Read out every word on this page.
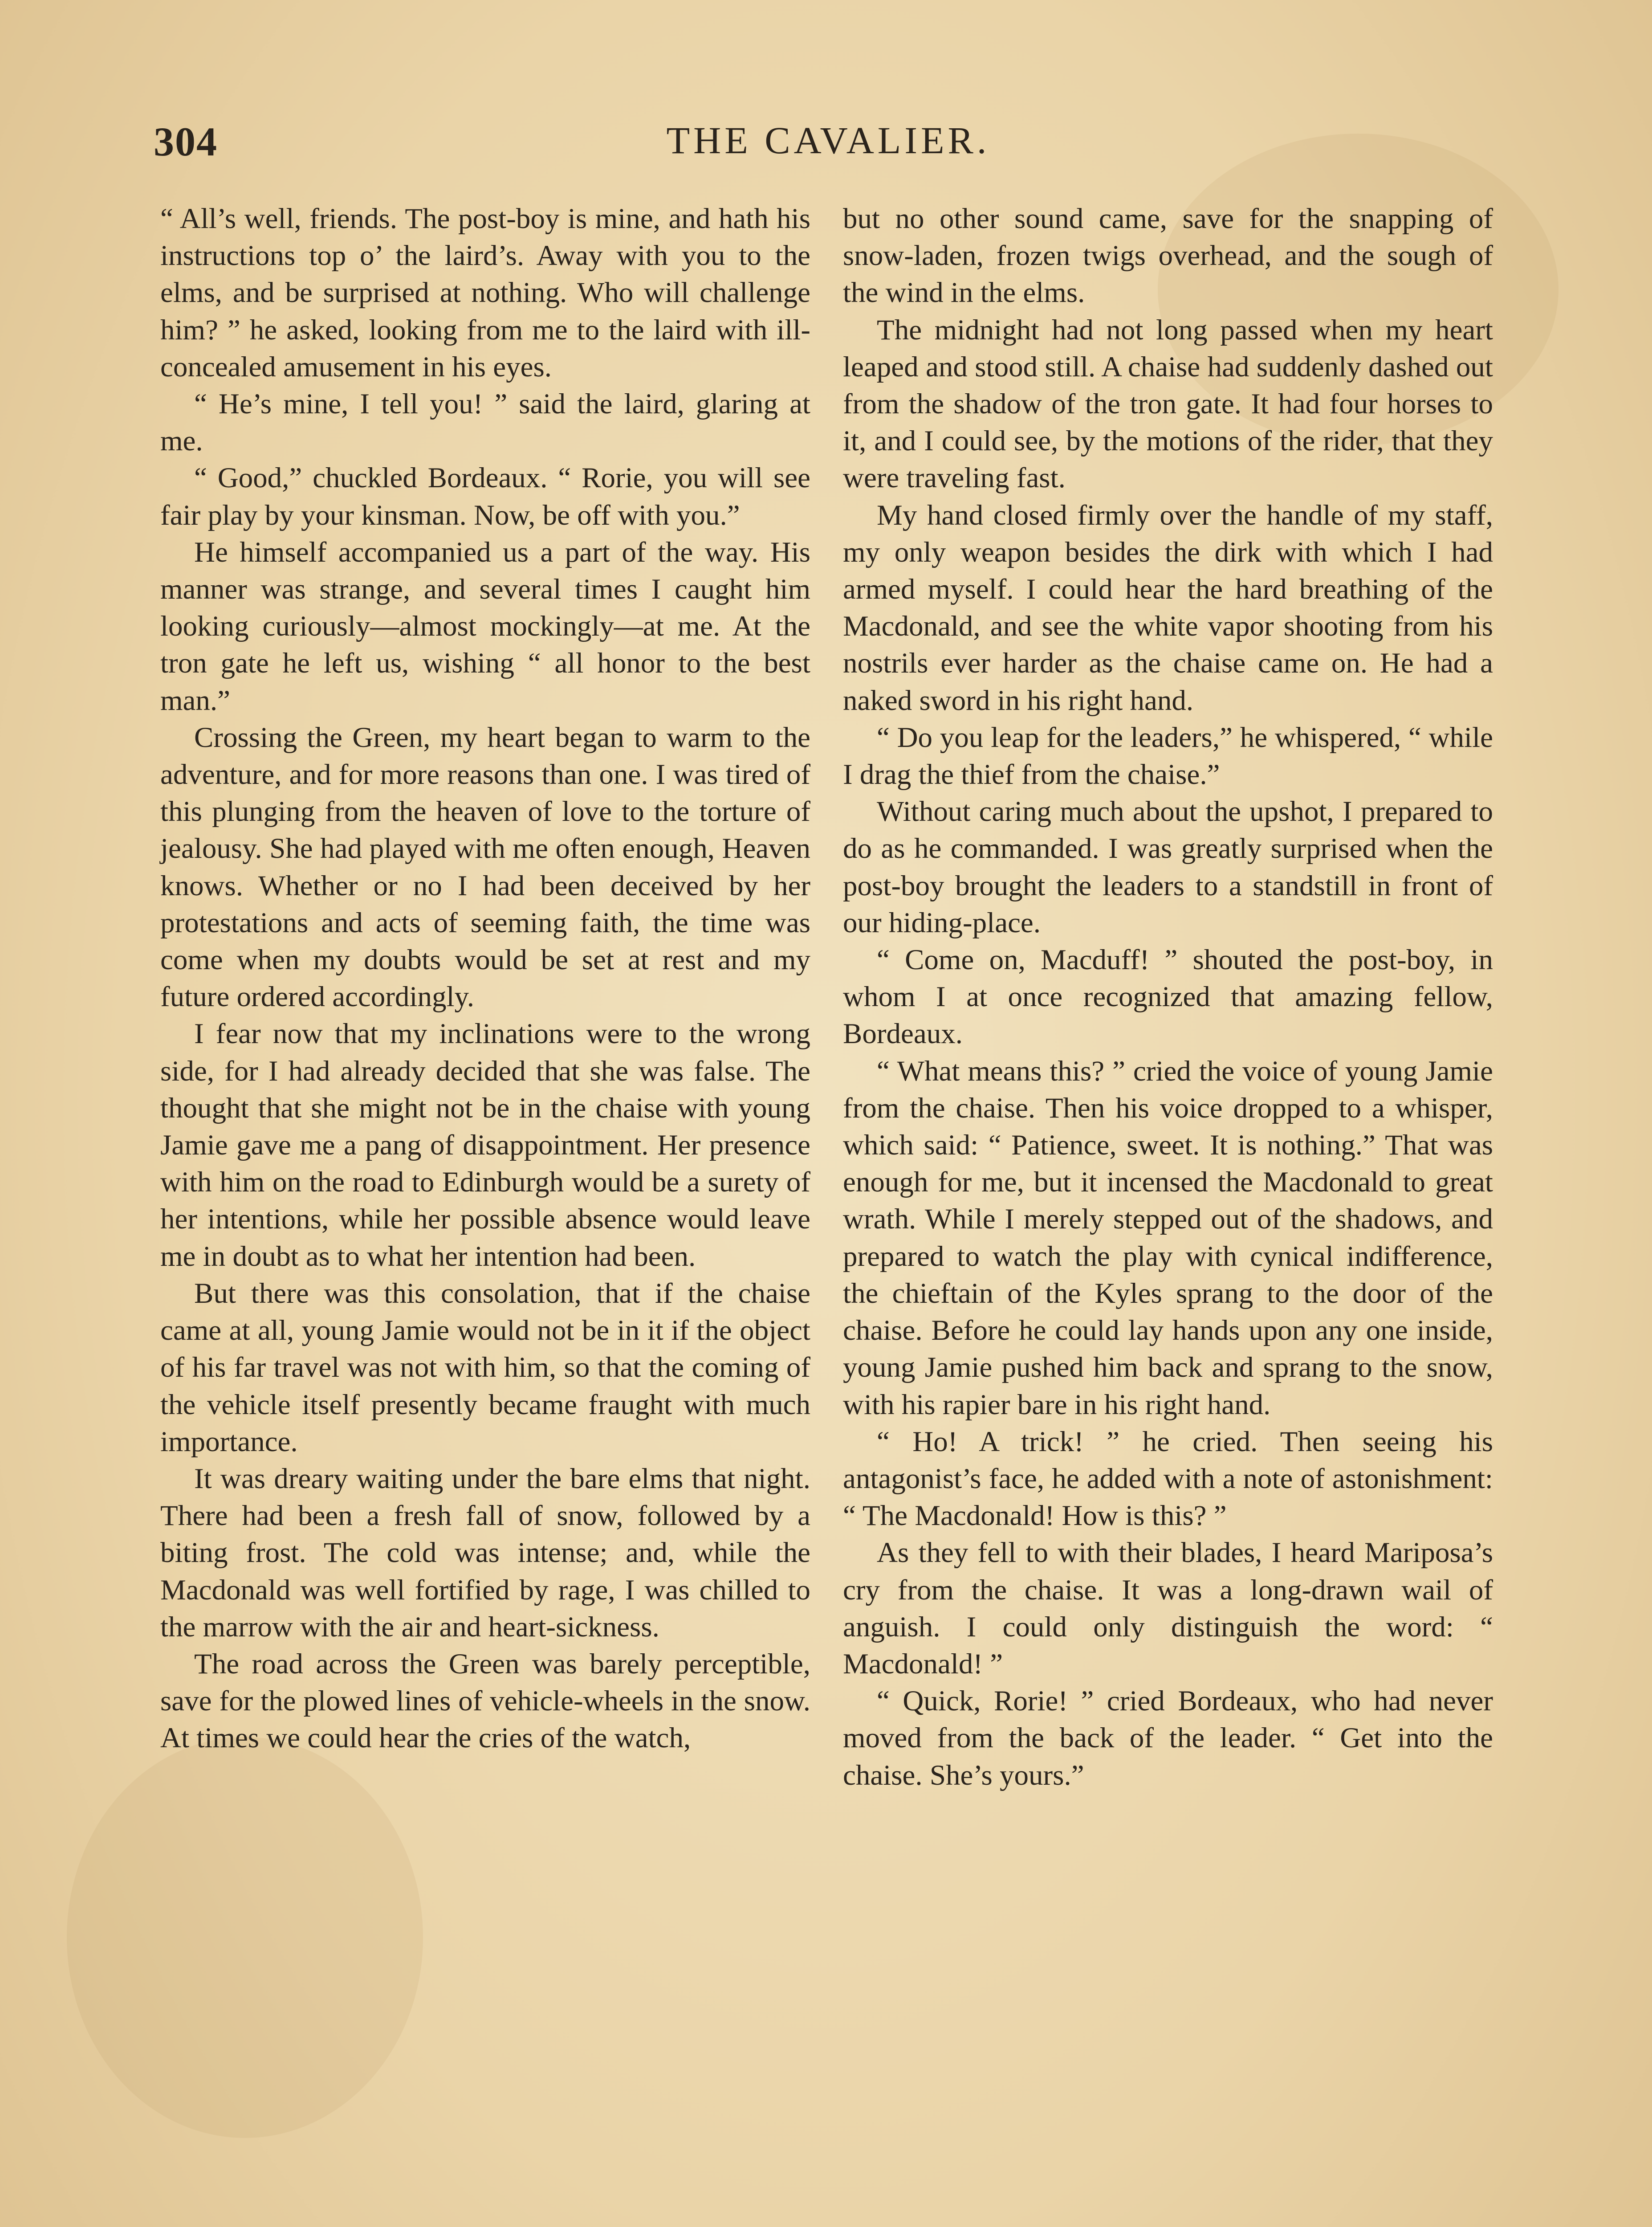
304	THE CAVALIER.

“ All’s well, friends. The post-boy is mine, and hath his instructions top o’ the laird’s. Away with you to the elms, and be surprised at nothing. Who will challenge him? ” he asked, looking from me to the laird with ill-concealed amusement in his eyes.

“ He’s mine, I tell you! ” said the laird, glaring at me.

“ Good,” chuckled Bordeaux. “ Rorie, you will see fair play by your kinsman. Now, be off with you.”

He himself accompanied us a part of the way. His manner was strange, and several times I caught him looking curiously—almost mockingly—at me. At the tron gate he left us, wishing “ all honor to the best man.”

Crossing the Green, my heart began to warm to the adventure, and for more reasons than one. I was tired of this plunging from the heaven of love to the torture of jealousy. She had played with me often enough, Heaven knows. Whether or no I had been deceived by her protestations and acts of seeming faith, the time was come when my doubts would be set at rest and my future ordered accordingly.

I fear now that my inclinations were to the wrong side, for I had already decided that she was false. The thought that she might not be in the chaise with young Jamie gave me a pang of disappointment. Her presence with him on the road to Edinburgh would be a surety of her intentions, while her possible absence would leave me in doubt as to what her intention had been.

But there was this consolation, that if the chaise came at all, young Jamie would not be in it if the object of his far travel was not with him, so that the coming of the vehicle itself presently became fraught with much importance.

It was dreary waiting under the bare elms that night. There had been a fresh fall of snow, followed by a biting frost. The cold was intense; and, while the Macdonald was well fortified by rage, I was chilled to the marrow with the air and heart-sickness.

The road across the Green was barely perceptible, save for the plowed lines of vehicle-wheels in the snow. At times we could hear the cries of the watch,

but no other sound came, save for the snapping of snow-laden, frozen twigs overhead, and the sough of the wind in the elms.

The midnight had not long passed when my heart leaped and stood still. A chaise had suddenly dashed out from the shadow of the tron gate. It had four horses to it, and I could see, by the motions of the rider, that they were traveling fast.

My hand closed firmly over the handle of my staff, my only weapon besides the dirk with which I had armed myself. I could hear the hard breathing of the Macdonald, and see the white vapor shooting from his nostrils ever harder as the chaise came on. He had a naked sword in his right hand.

“ Do you leap for the leaders,” he whispered, “ while I drag the thief from the chaise.”

Without caring much about the upshot, I prepared to do as he commanded. I was greatly surprised when the post-boy brought the leaders to a standstill in front of our hiding-place.

“ Come on, Macduff! ” shouted the post-boy, in whom I at once recognized that amazing fellow, Bordeaux.

“ What means this? ” cried the voice of young Jamie from the chaise. Then his voice dropped to a whisper, which said: “ Patience, sweet. It is nothing.” That was enough for me, but it incensed the Macdonald to great wrath. While I merely stepped out of the shadows, and prepared to watch the play with cynical indifference, the chieftain of the Kyles sprang to the door of the chaise. Before he could lay hands upon any one inside, young Jamie pushed him back and sprang to the snow, with his rapier bare in his right hand.

“ Ho! A trick! ” he cried. Then seeing his antagonist’s face, he added with a note of astonishment: “ The Macdonald! How is this? ”

As they fell to with their blades, I heard Mariposa’s cry from the chaise. It was a long-drawn wail of anguish. I could only distinguish the word: “ Macdonald! ”

“ Quick, Rorie! ” cried Bordeaux, who had never moved from the back of the leader. “ Get into the chaise. She’s yours.”
